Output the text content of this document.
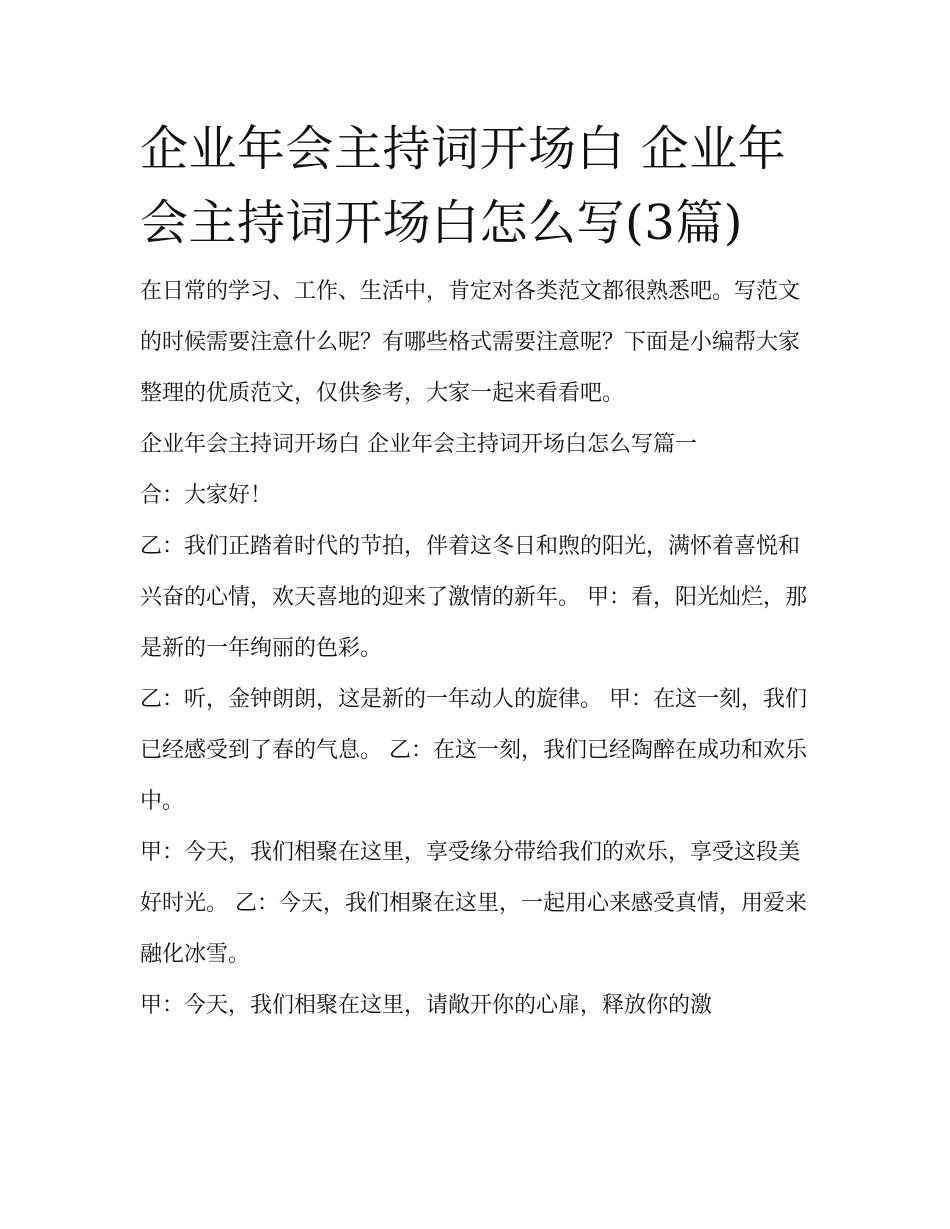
企业年会主持词开场白 企业年会主持词开场白怎么写(3篇)

在日常的学习、工作、生活中，肯定对各类范文都很熟悉吧。写范文的时候需要注意什么呢？有哪些格式需要注意呢？下面是小编帮大家整理的优质范文，仅供参考，大家一起来看看吧。

企业年会主持词开场白 企业年会主持词开场白怎么写篇一

合：大家好！

乙：我们正踏着时代的节拍，伴着这冬日和煦的阳光，满怀着喜悦和兴奋的心情，欢天喜地的迎来了激情的新年。 甲：看，阳光灿烂，那是新的一年绚丽的色彩。

乙：听，金钟朗朗，这是新的一年动人的旋律。 甲：在这一刻，我们已经感受到了春的气息。 乙：在这一刻，我们已经陶醉在成功和欢乐中。

甲：今天，我们相聚在这里，享受缘分带给我们的欢乐，享受这段美好时光。 乙：今天，我们相聚在这里，一起用心来感受真情，用爱来融化冰雪。

甲：今天，我们相聚在这里，请敞开你的心扉，释放你的激
